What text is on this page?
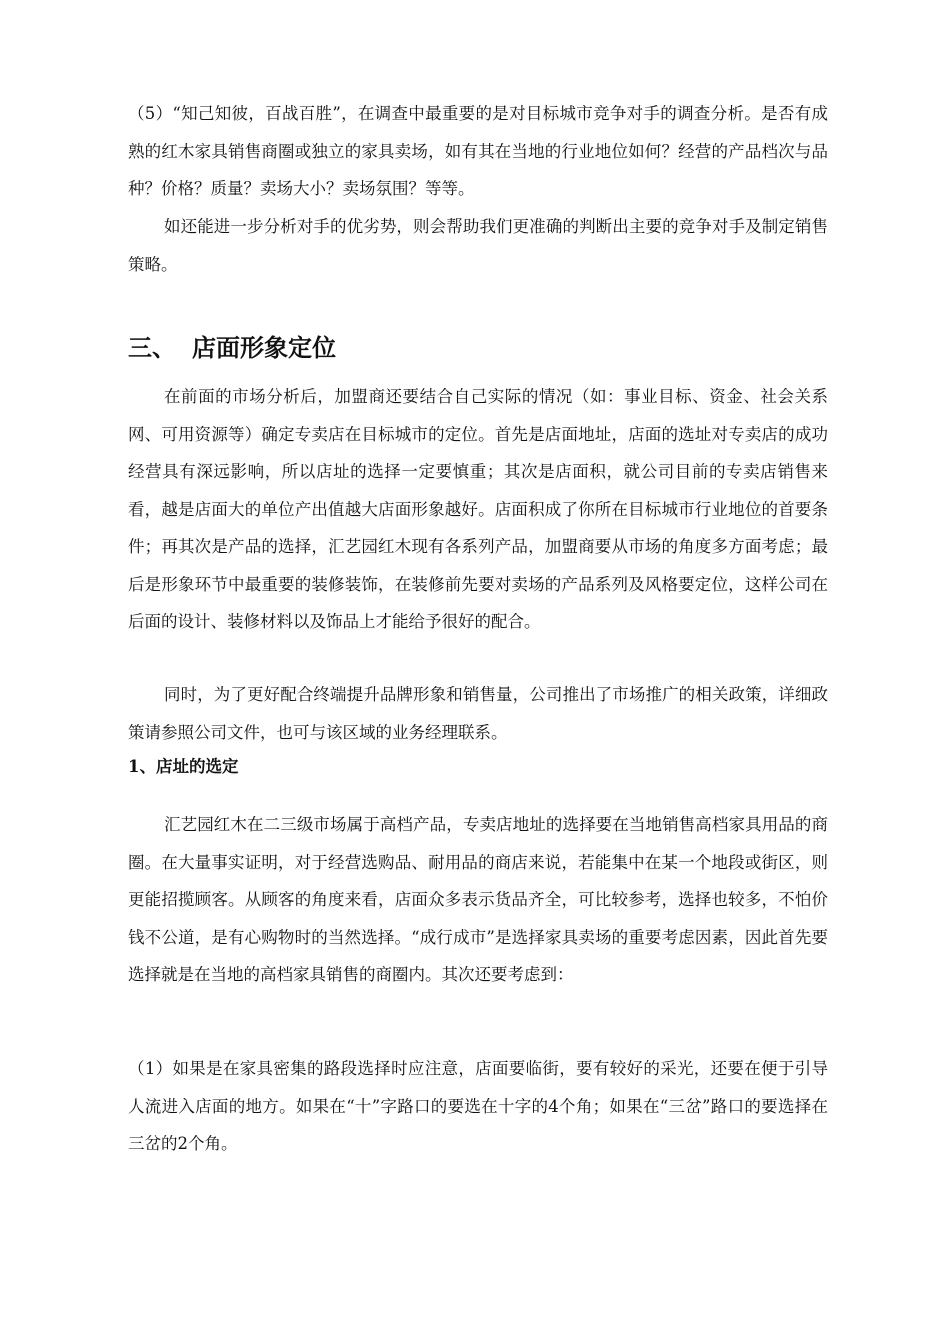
（5）“知己知彼，百战百胜”，在调查中最重要的是对目标城市竞争对手的调查分析。是否有成熟的红木家具销售商圈或独立的家具卖场，如有其在当地的行业地位如何？经营的产品档次与品种？价格？质量？卖场大小？卖场氛围？等等。

如还能进一步分析对手的优劣势，则会帮助我们更准确的判断出主要的竞争对手及制定销售策略。

三、 店面形象定位

在前面的市场分析后，加盟商还要结合自己实际的情况（如：事业目标、资金、社会关系网、可用资源等）确定专卖店在目标城市的定位。首先是店面地址，店面的选址对专卖店的成功经营具有深远影响，所以店址的选择一定要慎重；其次是店面积，就公司目前的专卖店销售来看，越是店面大的单位产出值越大店面形象越好。店面积成了你所在目标城市行业地位的首要条件；再其次是产品的选择，汇艺园红木现有各系列产品，加盟商要从市场的角度多方面考虑；最后是形象环节中最重要的装修装饰，在装修前先要对卖场的产品系列及风格要定位，这样公司在后面的设计、装修材料以及饰品上才能给予很好的配合。

同时，为了更好配合终端提升品牌形象和销售量，公司推出了市场推广的相关政策，详细政策请参照公司文件，也可与该区域的业务经理联系。

1、店址的选定

汇艺园红木在二三级市场属于高档产品，专卖店地址的选择要在当地销售高档家具用品的商圈。在大量事实证明，对于经营选购品、耐用品的商店来说，若能集中在某一个地段或街区，则更能招揽顾客。从顾客的角度来看，店面众多表示货品齐全，可比较参考，选择也较多，不怕价钱不公道，是有心购物时的当然选择。“成行成市”是选择家具卖场的重要考虑因素，因此首先要选择就是在当地的高档家具销售的商圈内。其次还要考虑到：

（1）如果是在家具密集的路段选择时应注意，店面要临街，要有较好的采光，还要在便于引导人流进入店面的地方。如果在“十”字路口的要选在十字的4个角；如果在“三岔”路口的要选择在三岔的2个角。
